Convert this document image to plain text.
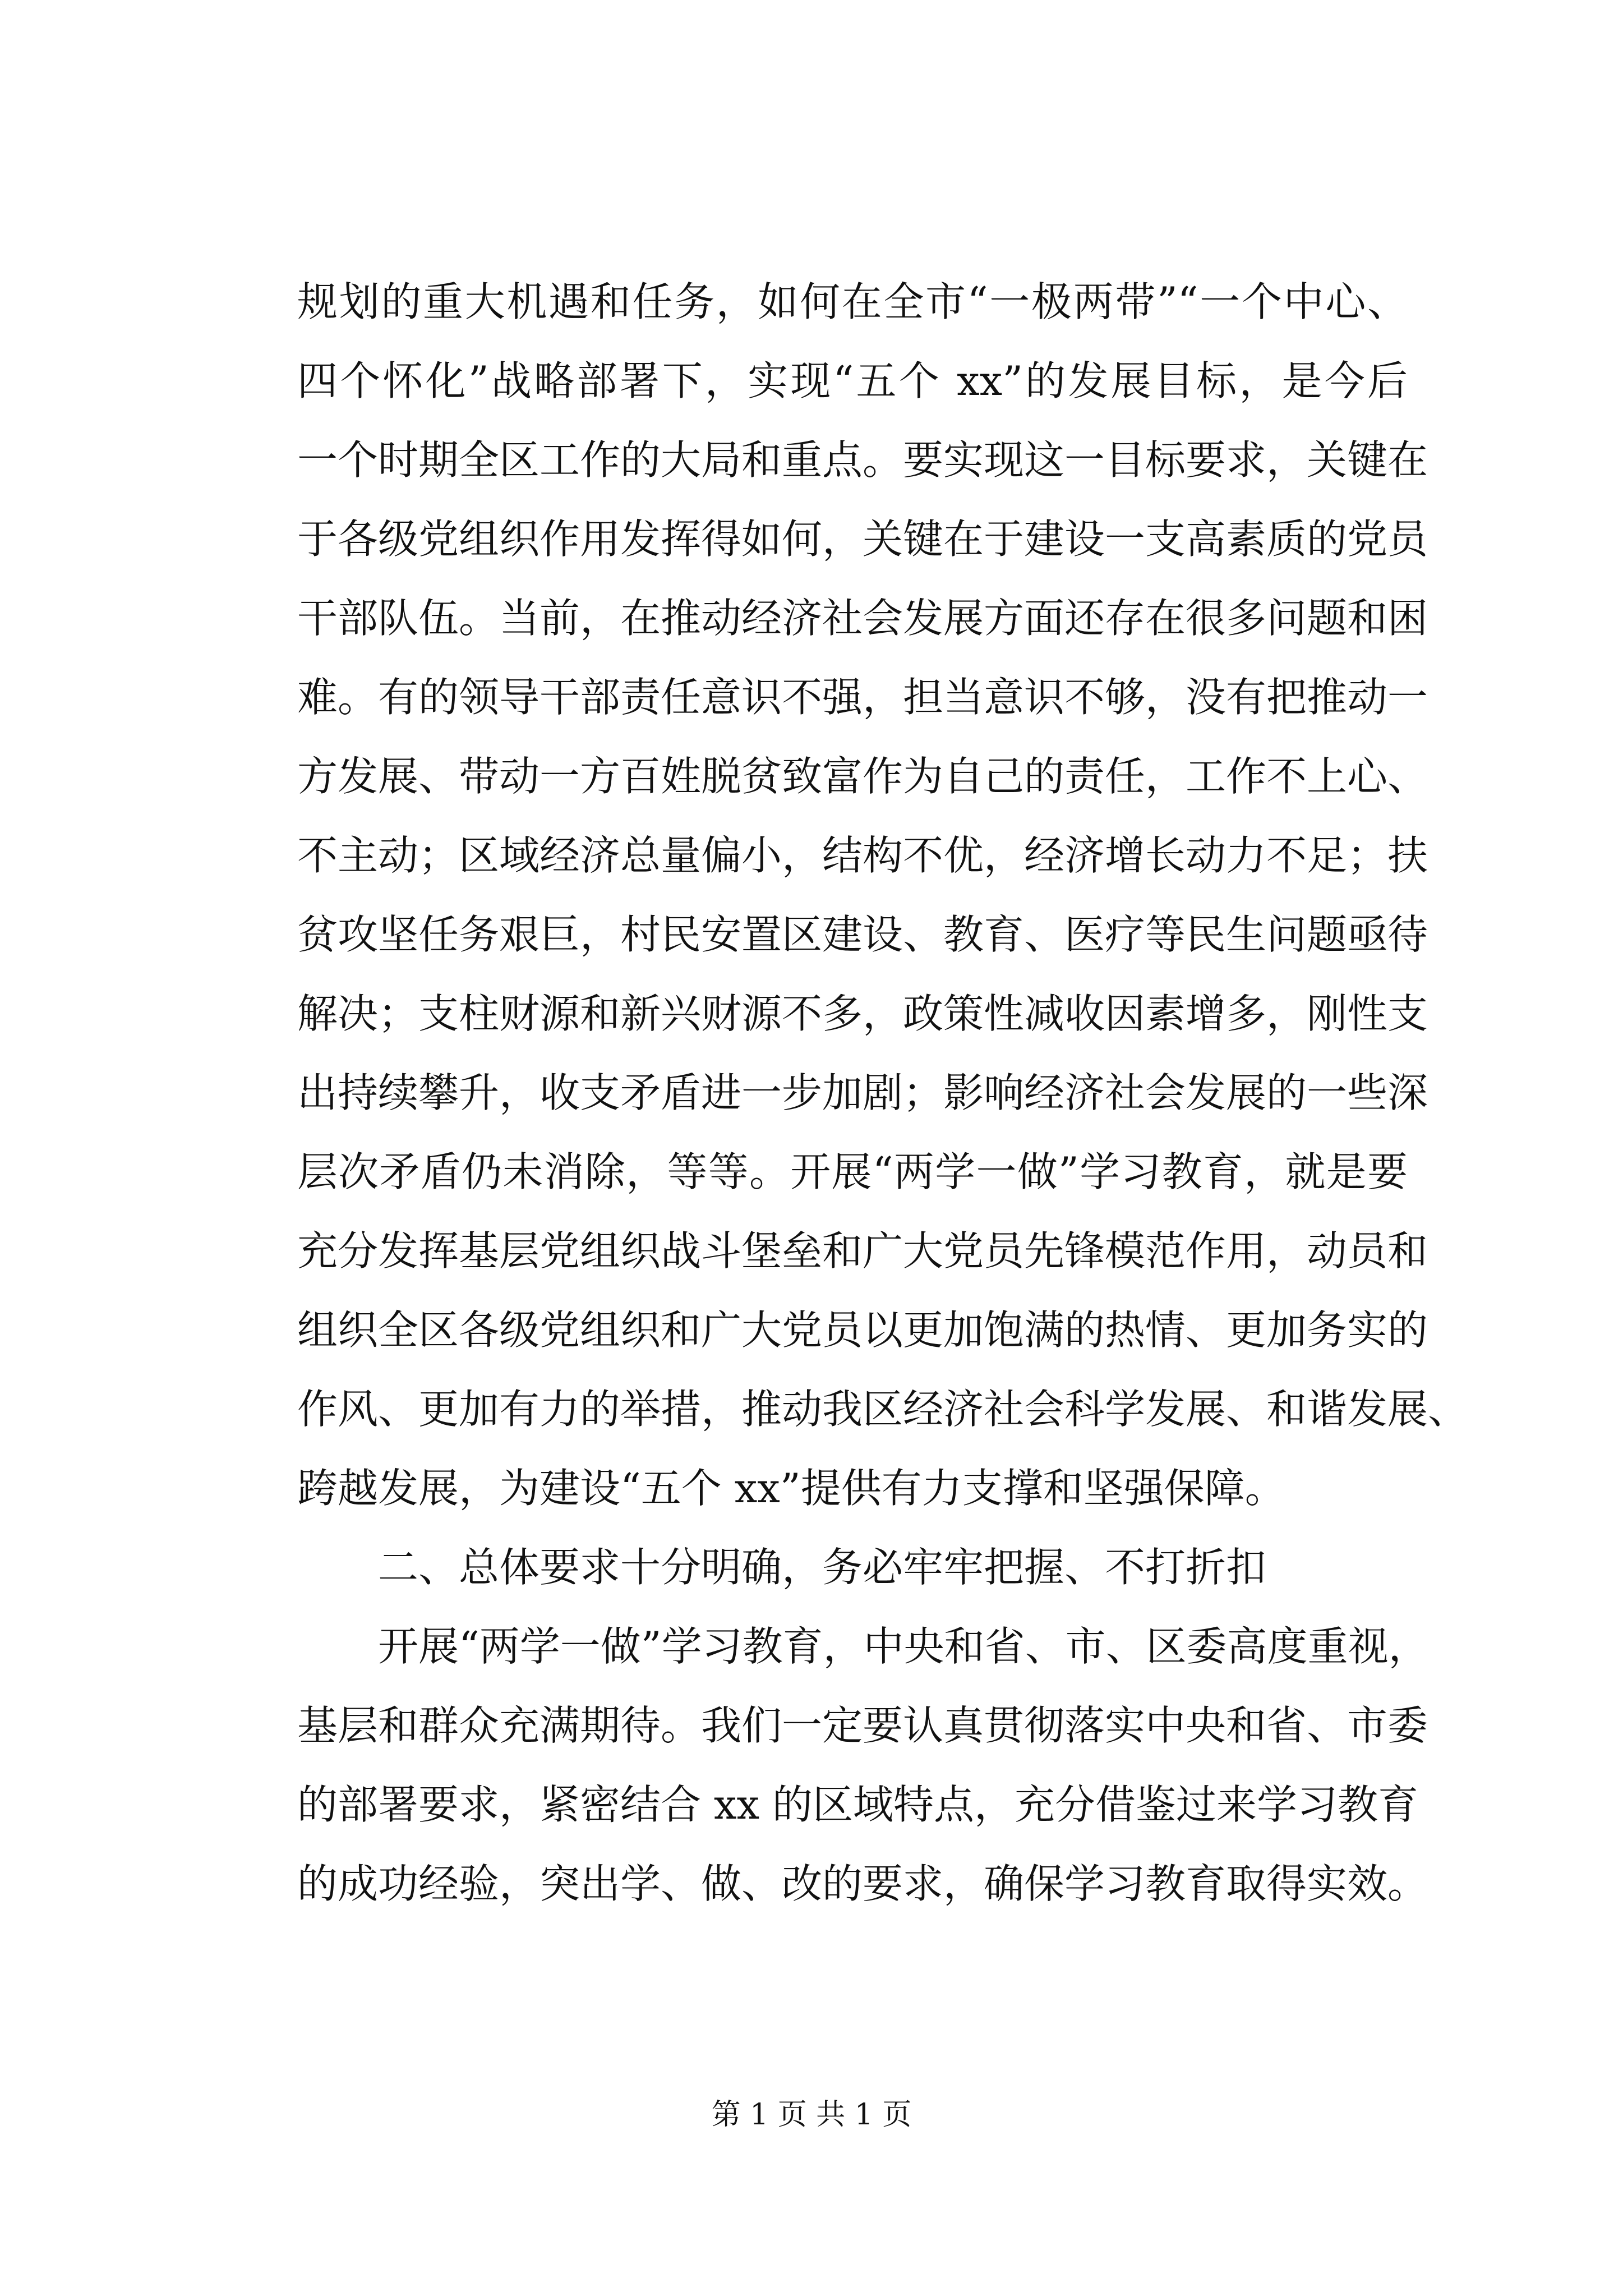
规划的重大机遇和任务，如何在全市“一极两带”“一个中心、
四个怀化”战略部署下，实现“五个 xx”的发展目标，是今后
一个时期全区工作的大局和重点。要实现这一目标要求，关键在
于各级党组织作用发挥得如何，关键在于建设一支高素质的党员
干部队伍。当前，在推动经济社会发展方面还存在很多问题和困
难。有的领导干部责任意识不强，担当意识不够，没有把推动一
方发展、带动一方百姓脱贫致富作为自己的责任，工作不上心、
不主动；区域经济总量偏小，结构不优，经济增长动力不足；扶
贫攻坚任务艰巨，村民安置区建设、教育、医疗等民生问题亟待
解决；支柱财源和新兴财源不多，政策性减收因素增多，刚性支
出持续攀升，收支矛盾进一步加剧；影响经济社会发展的一些深
层次矛盾仍未消除，等等。开展“两学一做”学习教育，就是要
充分发挥基层党组织战斗堡垒和广大党员先锋模范作用，动员和
组织全区各级党组织和广大党员以更加饱满的热情、更加务实的
作风、更加有力的举措，推动我区经济社会科学发展、和谐发展、
跨越发展，为建设“五个 xx”提供有力支撑和坚强保障。
二、总体要求十分明确，务必牢牢把握、不打折扣
开展“两学一做”学习教育，中央和省、市、区委高度重视，
基层和群众充满期待。我们一定要认真贯彻落实中央和省、市委
的部署要求，紧密结合 xx 的区域特点，充分借鉴过来学习教育
的成功经验，突出学、做、改的要求，确保学习教育取得实效。
第 1 页 共 1 页
